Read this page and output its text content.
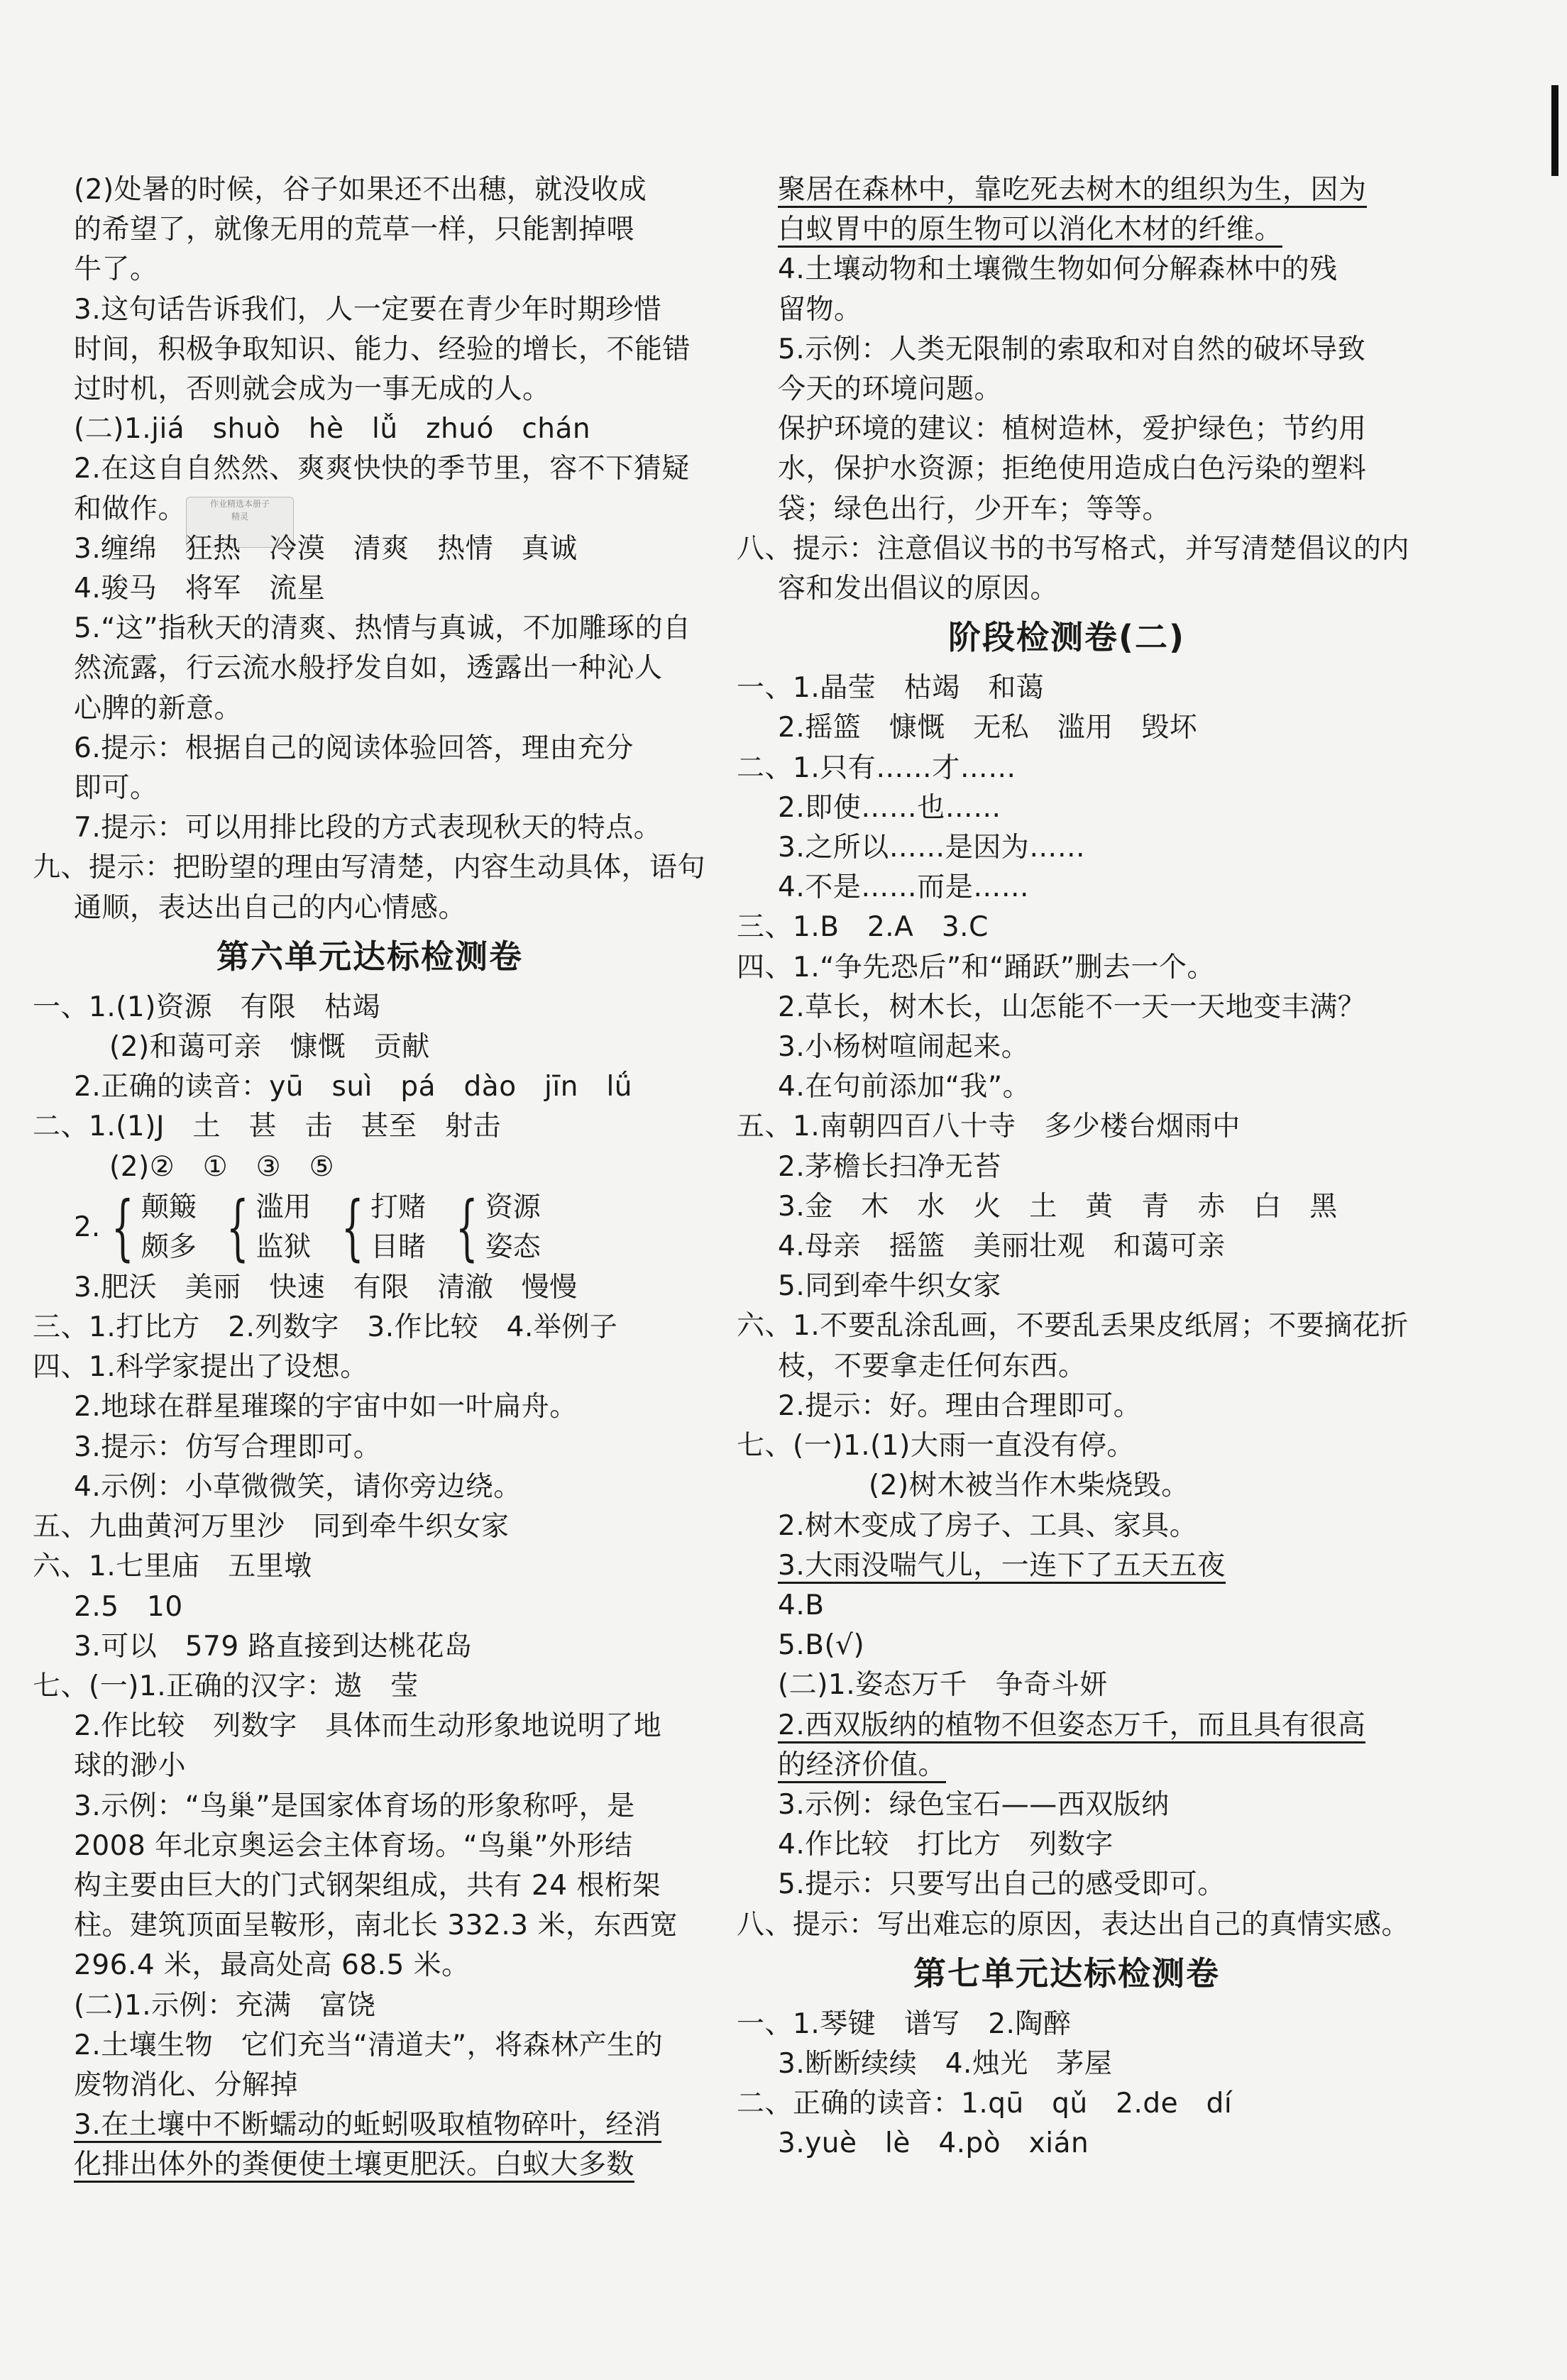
作业精选本册子
精灵
(2)处暑的时候，谷子如果还不出穗，就没收成
的希望了，就像无用的荒草一样，只能割掉喂
牛了。
3.这句话告诉我们，人一定要在青少年时期珍惜
时间，积极争取知识、能力、经验的增长，不能错
过时机，否则就会成为一事无成的人。
(二)1.jiá　shuò　hè　lǚ　zhuó　chán
2.在这自自然然、爽爽快快的季节里，容不下猜疑
和做作。
3.缠绵　狂热　冷漠　清爽　热情　真诚
4.骏马　将军　流星
5.“这”指秋天的清爽、热情与真诚，不加雕琢的自
然流露，行云流水般抒发自如，透露出一种沁人
心脾的新意。
6.提示：根据自己的阅读体验回答，理由充分
即可。
7.提示：可以用排比段的方式表现秋天的特点。
九、提示：把盼望的理由写清楚，内容生动具体，语句
通顺，表达出自己的内心情感。
第六单元达标检测卷
一、1.(1)资源　有限　枯竭
(2)和蔼可亲　慷慨　贡献
2.正确的读音：yū　suì　pá　dào　jīn　lǘ
二、1.(1)J　土　甚　击　甚至　射击
(2)②　①　③　⑤
2. { 颠簸
颇多 { 滥用
监狱 { 打赌
目睹 { 资源
姿态
3.肥沃　美丽　快速　有限　清澈　慢慢
三、1.打比方　2.列数字　3.作比较　4.举例子
四、1.科学家提出了设想。
2.地球在群星璀璨的宇宙中如一叶扁舟。
3.提示：仿写合理即可。
4.示例：小草微微笑，请你旁边绕。
五、九曲黄河万里沙　同到牵牛织女家
六、1.七里庙　五里墩
2.5　10
3.可以　579 路直接到达桃花岛
七、(一)1.正确的汉字：遨　莹
2.作比较　列数字　具体而生动形象地说明了地
球的渺小
3.示例：“鸟巢”是国家体育场的形象称呼，是
2008 年北京奥运会主体育场。“鸟巢”外形结
构主要由巨大的门式钢架组成，共有 24 根桁架
柱。建筑顶面呈鞍形，南北长 332.3 米，东西宽
296.4 米，最高处高 68.5 米。
(二)1.示例：充满　富饶
2.土壤生物　它们充当“清道夫”，将森林产生的
废物消化、分解掉
3.在土壤中不断蠕动的蚯蚓吸取植物碎叶，经消
化排出体外的粪便使土壤更肥沃。白蚁大多数
聚居在森林中，靠吃死去树木的组织为生，因为
白蚁胃中的原生物可以消化木材的纤维。
4.土壤动物和土壤微生物如何分解森林中的残
留物。
5.示例：人类无限制的索取和对自然的破坏导致
今天的环境问题。
保护环境的建议：植树造林，爱护绿色；节约用
水，保护水资源；拒绝使用造成白色污染的塑料
袋；绿色出行，少开车；等等。
八、提示：注意倡议书的书写格式，并写清楚倡议的内
容和发出倡议的原因。
阶段检测卷(二)
一、1.晶莹　枯竭　和蔼
2.摇篮　慷慨　无私　滥用　毁坏
二、1.只有……才……
2.即使……也……
3.之所以……是因为……
4.不是……而是……
三、1.B　2.A　3.C
四、1.“争先恐后”和“踊跃”删去一个。
2.草长，树木长，山怎能不一天一天地变丰满？
3.小杨树喧闹起来。
4.在句前添加“我”。
五、1.南朝四百八十寺　多少楼台烟雨中
2.茅檐长扫净无苔
3.金　木　水　火　土　黄　青　赤　白　黑
4.母亲　摇篮　美丽壮观　和蔼可亲
5.同到牵牛织女家
六、1.不要乱涂乱画，不要乱丢果皮纸屑；不要摘花折
枝，不要拿走任何东西。
2.提示：好。理由合理即可。
七、(一)1.(1)大雨一直没有停。
(2)树木被当作木柴烧毁。
2.树木变成了房子、工具、家具。
3.大雨没喘气儿，一连下了五天五夜
4.B
5.B(√)
(二)1.姿态万千　争奇斗妍
2.西双版纳的植物不但姿态万千，而且具有很高
的经济价值。
3.示例：绿色宝石——西双版纳
4.作比较　打比方　列数字
5.提示：只要写出自己的感受即可。
八、提示：写出难忘的原因，表达出自己的真情实感。
第七单元达标检测卷
一、1.琴键　谱写　2.陶醉
3.断断续续　4.烛光　茅屋
二、正确的读音：1.qū　qǔ　2.de　dí
3.yuè　lè　4.pò　xián
